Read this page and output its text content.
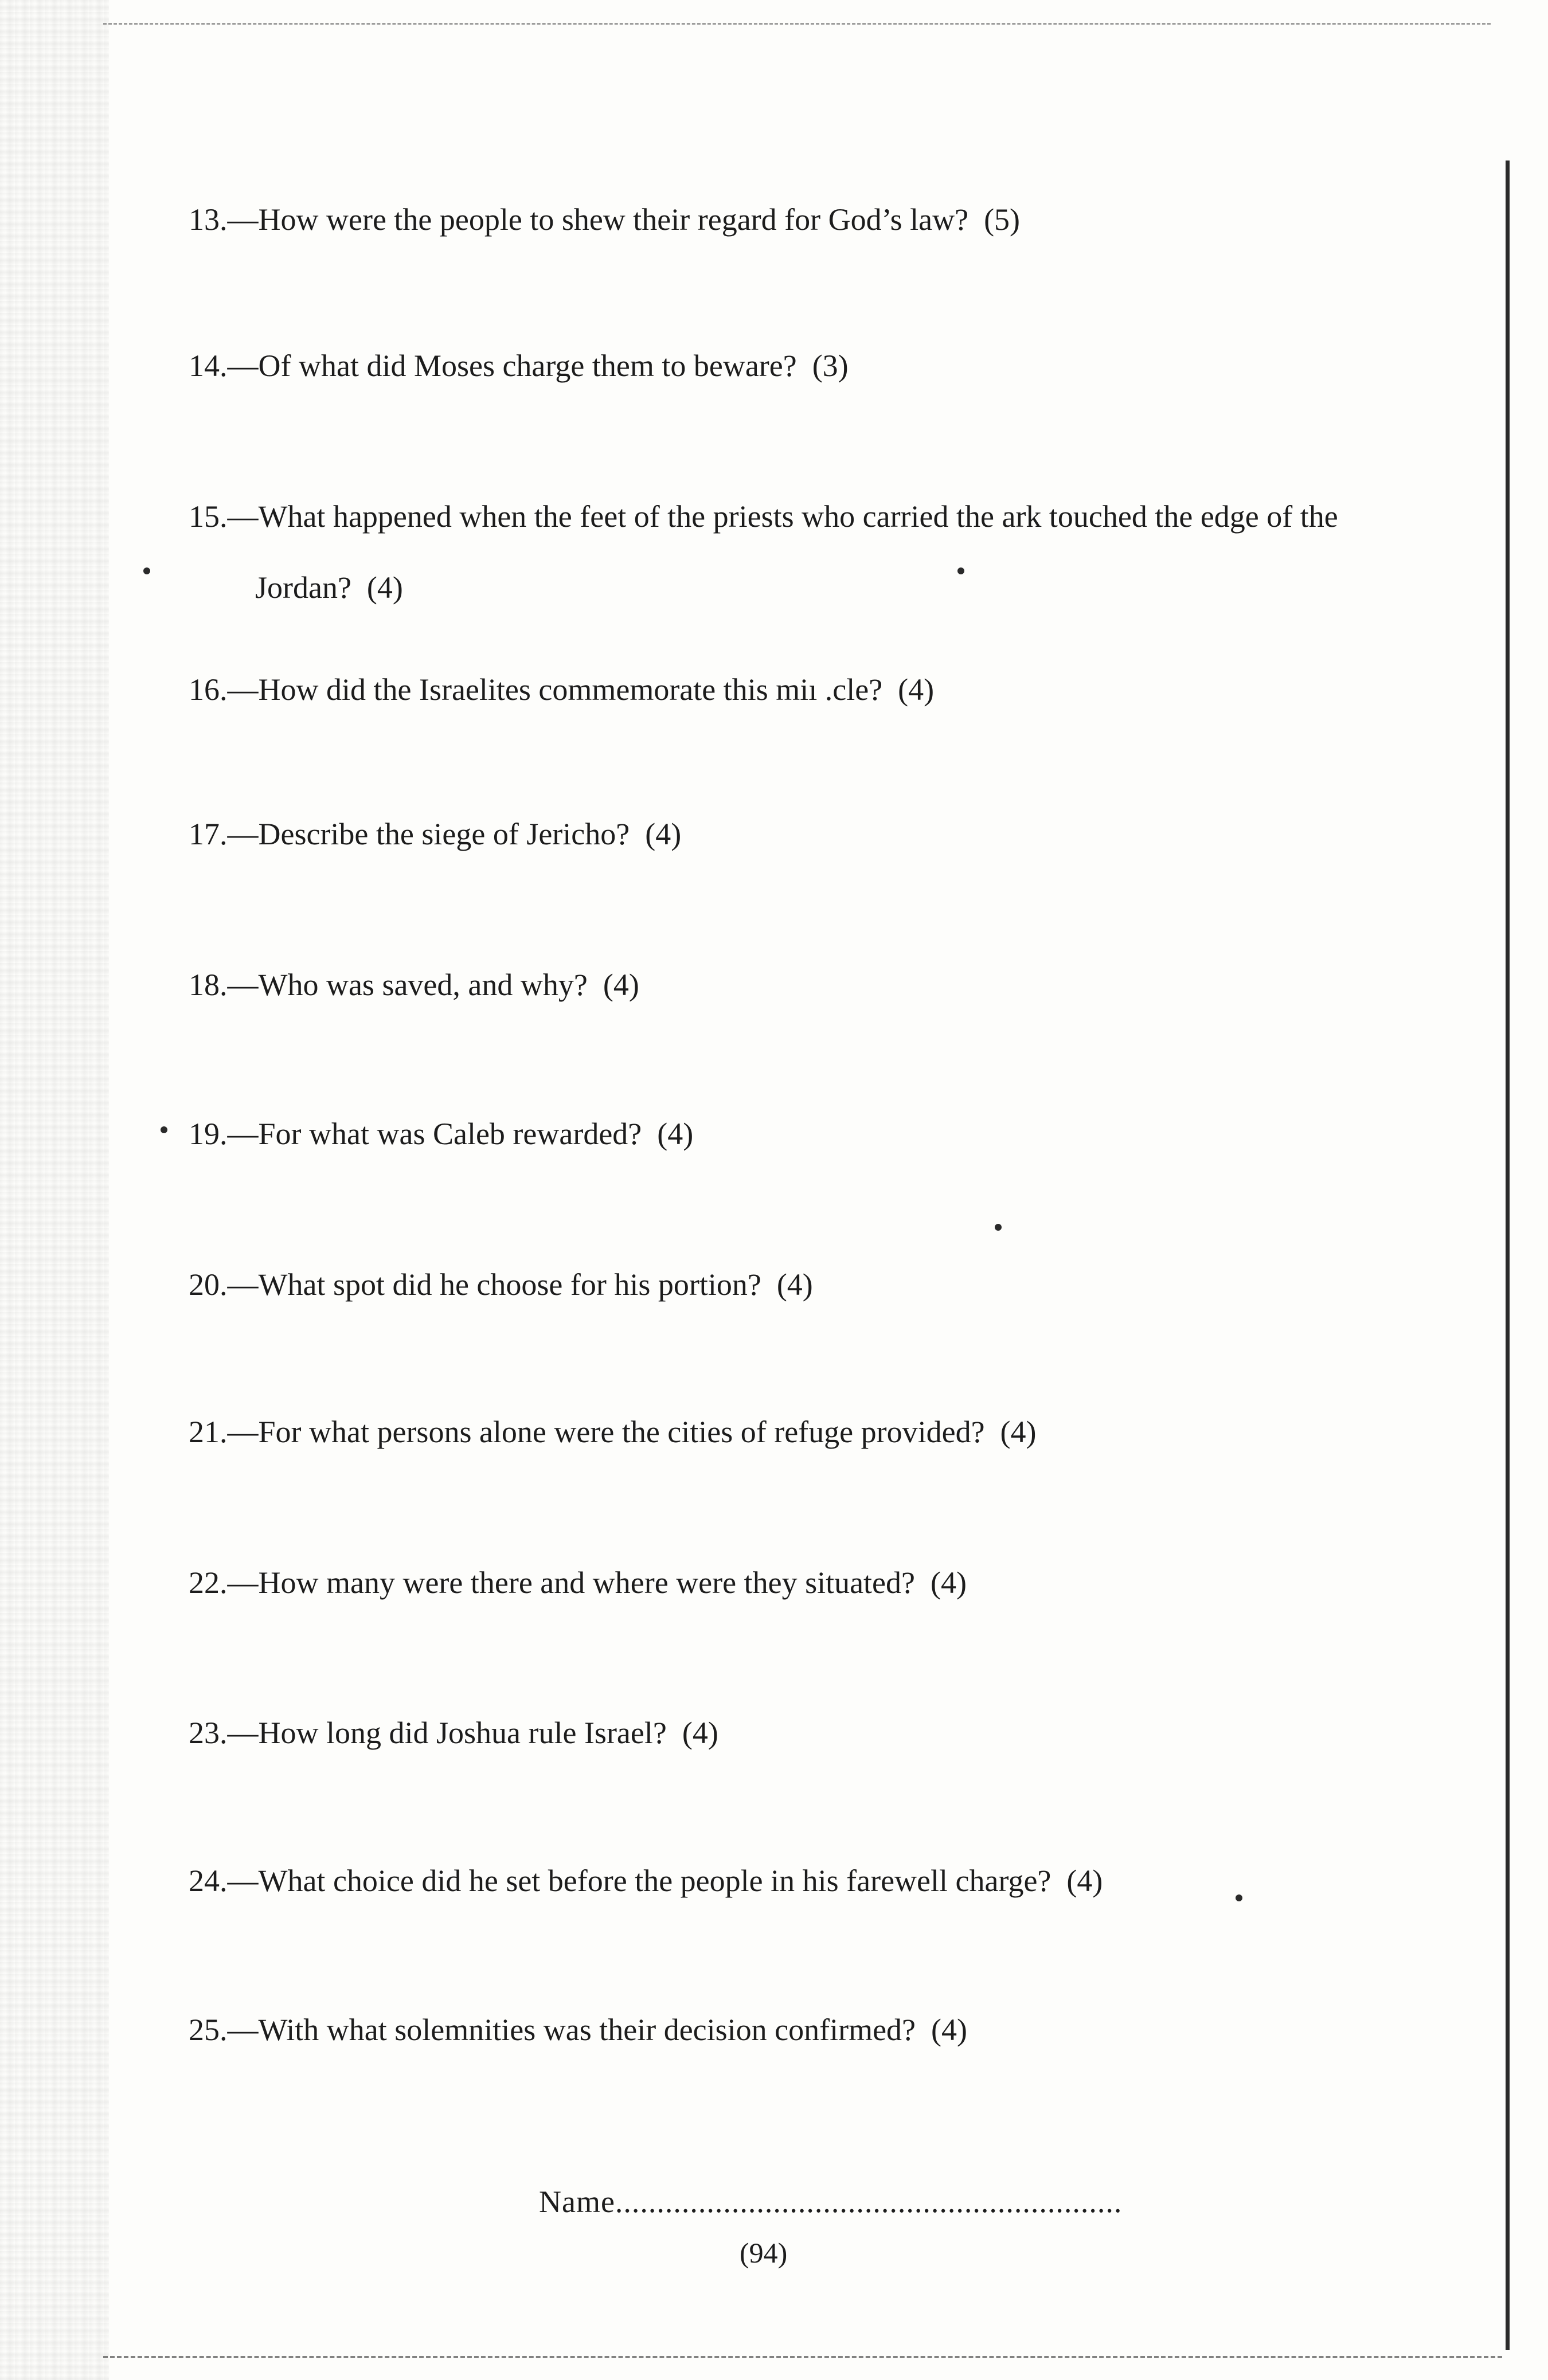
13.—How were the people to shew their regard for God’s law?  (5)

14.—Of what did Moses charge them to beware?  (3)

15.—What happened when the feet of the priests who carried the ark touched the edge of the

Jordan?  (4)

16.—How did the Israelites commemorate this miı .cle?  (4)

17.—Describe the siege of Jericho?  (4)

18.—Who was saved, and why?  (4)

19.—For what was Caleb rewarded?  (4)

20.—What spot did he choose for his portion?  (4)

21.—For what persons alone were the cities of refuge provided?  (4)

22.—How many were there and where were they situated?  (4)

23.—How long did Joshua rule Israel?  (4)

24.—What choice did he set before the people in his farewell charge?  (4)

25.—With what solemnities was their decision confirmed?  (4)

Name.............................................................
(94)
